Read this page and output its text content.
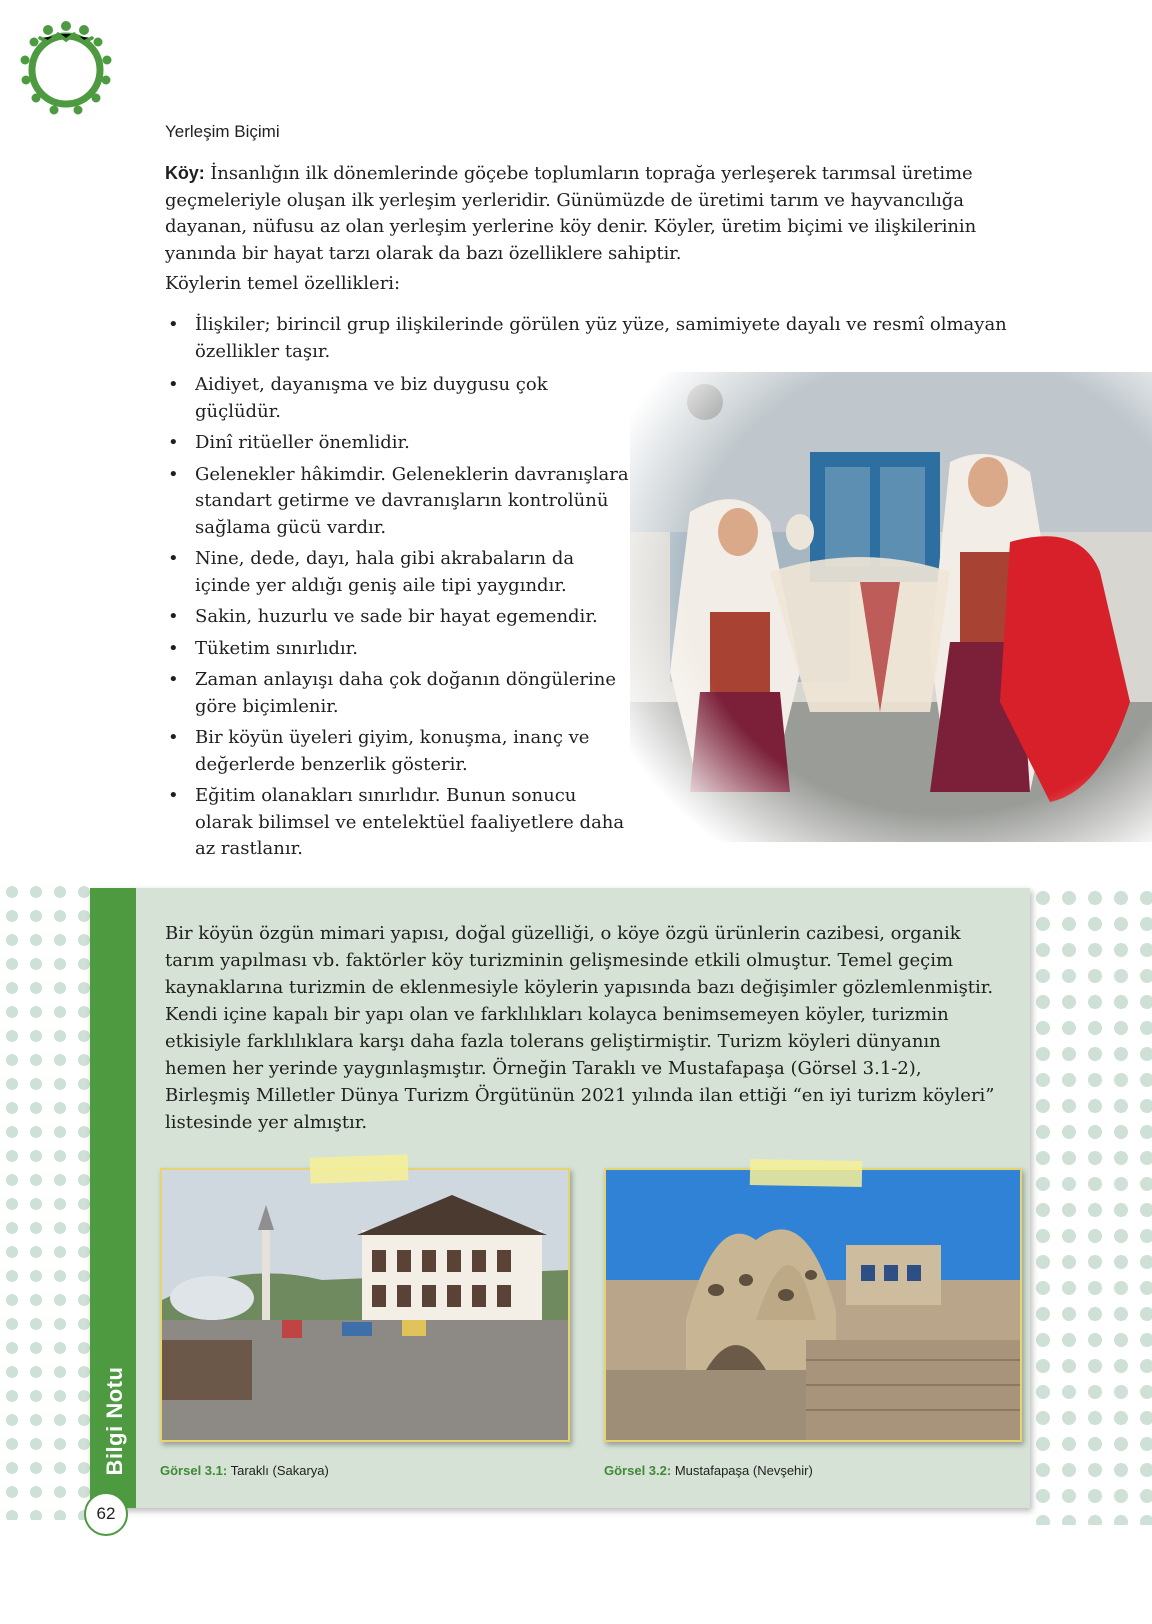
Yerleşim Biçimi
Köy: İnsanlığın ilk dönemlerinde göçebe toplumların toprağa yerleşerek tarımsal üretime geçmeleriyle oluşan ilk yerleşim yerleridir. Günümüzde de üretimi tarım ve hayvancılığa dayanan, nüfusu az olan yerleşim yerlerine köy denir. Köyler, üretim biçimi ve ilişkilerinin yanında bir hayat tarzı olarak da bazı özelliklere sahiptir.
Köylerin temel özellikleri:
• İlişkiler; birincil grup ilişkilerinde görülen yüz yüze, samimiyete dayalı ve resmî olmayan özellikler taşır.
• Aidiyet, dayanışma ve biz duygusu çok güçlüdür.
• Dinî ritüeller önemlidir.
• Gelenekler hâkimdir. Geleneklerin davranışlara standart getirme ve davranışların kontrolünü sağlama gücü vardır.
• Nine, dede, dayı, hala gibi akrabaların da içinde yer aldığı geniş aile tipi yaygındır.
• Sakin, huzurlu ve sade bir hayat egemendir.
• Tüketim sınırlıdır.
• Zaman anlayışı daha çok doğanın döngülerine göre biçimlenir.
• Bir köyün üyeleri giyim, konuşma, inanç ve değerlerde benzerlik gösterir.
• Eğitim olanakları sınırlıdır. Bunun sonucu olarak bilimsel ve entelektüel faaliyetlere daha az rastlanır.
Bilgi Notu
Bir köyün özgün mimari yapısı, doğal güzelliği, o köye özgü ürünlerin cazibesi, organik tarım yapılması vb. faktörler köy turizminin gelişmesinde etkili olmuştur. Temel geçim kaynaklarına turizmin de eklenmesiyle köylerin yapısında bazı değişimler gözlemlenmiştir. Kendi içine kapalı bir yapı olan ve farklılıkları kolayca benimsemeyen köyler, turizmin etkisiyle farklılıklara karşı daha fazla tolerans geliştirmiştir. Turizm köyleri dünyanın hemen her yerinde yaygınlaşmıştır. Örneğin Taraklı ve Mustafapaşa (Görsel 3.1-2), Birleşmiş Milletler Dünya Turizm Örgütünün 2021 yılında ilan ettiği “en iyi turizm köyleri” listesinde yer almıştır.
Görsel 3.1: Taraklı (Sakarya)	Görsel 3.2: Mustafapaşa (Nevşehir)
62
